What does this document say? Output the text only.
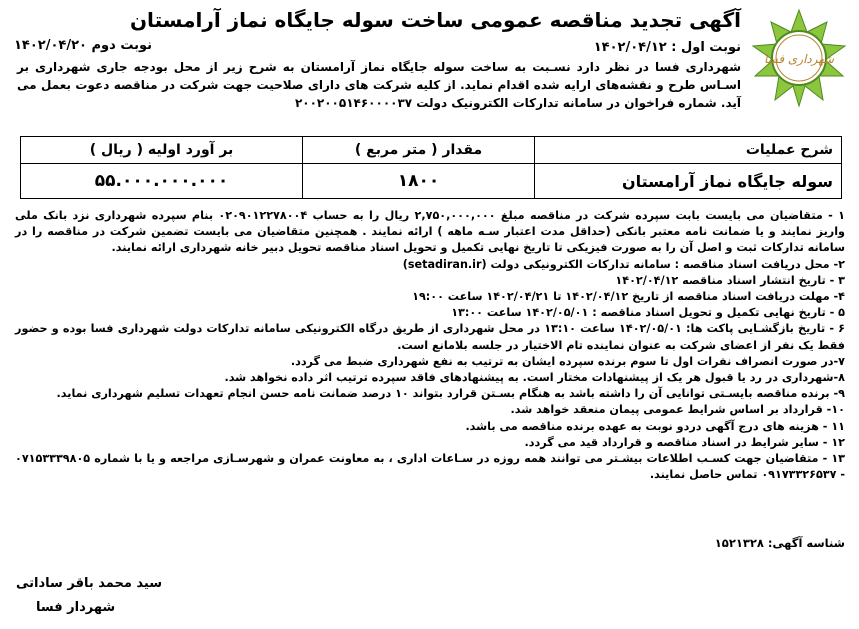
شهرداری فسا
آگهی تجدید مناقصه عمومی ساخت سوله جایگاه نماز آرامستان
نوبت اول : ۱۴۰۲/۰۴/۱۲
نوبت دوم ۱۴۰۲/۰۴/۲۰

شهرداری فسا در نظر دارد نسـبت به ساخت سوله جایگاه نماز آرامستان به شرح زیر از محل بودجه جاری شهرداری بر اسـاس طرح و نقشه‌های ارایه شده اقدام نماید. از کلیه شرکت های دارای صلاحیت جهت شرکت در مناقصه دعوت بعمل می آید. شماره فراخوان در سامانه تدارکات الکترونیک دولت ۲۰۰۲۰۰۵۱۴۶۰۰۰۰۳۷

شرح عملیات	مقدار ( متر مربع )	بر آورد اولیه ( ریال )
سوله جایگاه نماز آرامستان	۱۸۰۰	۵۵.۰۰۰.۰۰۰.۰۰۰
۱ - متقاضیان می بایست بابت سپرده شرکت در مناقصه مبلغ ۲,۷۵۰,۰۰۰,۰۰۰ ریال را به حساب ۰۲۰۹۰۱۲۲۷۸۰۰۴ بنام سپرده شهرداری نزد بانک ملی واریز نمایند و یا ضمانت نامه معتبر بانکی (حداقل مدت اعتبار سـه ماهه ) ارائه نمایند . همچنین متقاضیان می بایست تضمین شرکت در مناقصه را در سامانه تدارکات ثبت و اصل آن را به صورت فیزیکی تا تاریخ نهایی تکمیل و تحویل اسناد مناقصه تحویل دبیر خانه شهرداری ارائه نمایند.
۲- محل دریافت اسناد مناقصه : سامانه تدارکات الکترونیکی دولت (setadiran.ir)
۳ - تاریخ انتشار اسناد مناقصه ۱۴۰۲/۰۴/۱۲
۴- مهلت دریافت اسناد مناقصه از تاریخ ۱۴۰۲/۰۴/۱۲ تا ۱۴۰۲/۰۴/۲۱ ساعت ۱۹:۰۰
۵ - تاریخ نهایی تکمیل و تحویل اسناد مناقصه : ۱۴۰۲/۰۵/۰۱ ساعت ۱۳:۰۰
۶ - تاریخ بازگشـایی پاکت ها: ۱۴۰۲/۰۵/۰۱ ساعت ۱۳:۱۰ در محل شهرداری از طریق درگاه الکترونیکی سامانه تدارکات دولت شهرداری فسا بوده و حضور فقط یک نفر از اعضای شرکت به عنوان نماینده تام الاختیار در جلسه بلامانع است.
۷-در صورت انصراف نفرات اول تا سوم برنده سپرده ایشان به ترتیب به نفع شهرداری ضبط می گردد.
۸-شهرداری در رد یا قبول هر یک از پیشنهادات مختار است. به پیشنهادهای فاقد سپرده ترتیب اثر داده نخواهد شد.
۹- برنده مناقصه بایسـتی توانایی آن را داشته باشد به هنگام بسـتن قرارد بتواند ۱۰ درصد ضمانت نامه حسن انجام تعهدات تسلیم شهرداری نماید.
۱۰- قرارداد بر اساس شرایط عمومی پیمان منعقد خواهد شد.
۱۱ - هزینه های درج آگهی دردو نوبت به عهده برنده مناقصه می باشد.
۱۲ - سایر شرایط در اسناد مناقصه و قرارداد قید می گردد.
۱۳ - متقاضیان جهت کسـب اطلاعات بیشـتر می توانند همه روزه در سـاعات اداری ، به معاونت عمران و شهرسـازی مراجعه و یا با شماره ۰۷۱۵۳۳۳۹۸۰۵ - ۰۹۱۷۳۳۲۶۵۳۷ تماس حاصل نمایند.
شناسه آگهی: ۱۵۲۱۳۲۸
سید محمد باقر ساداتی
شهردار فسا
